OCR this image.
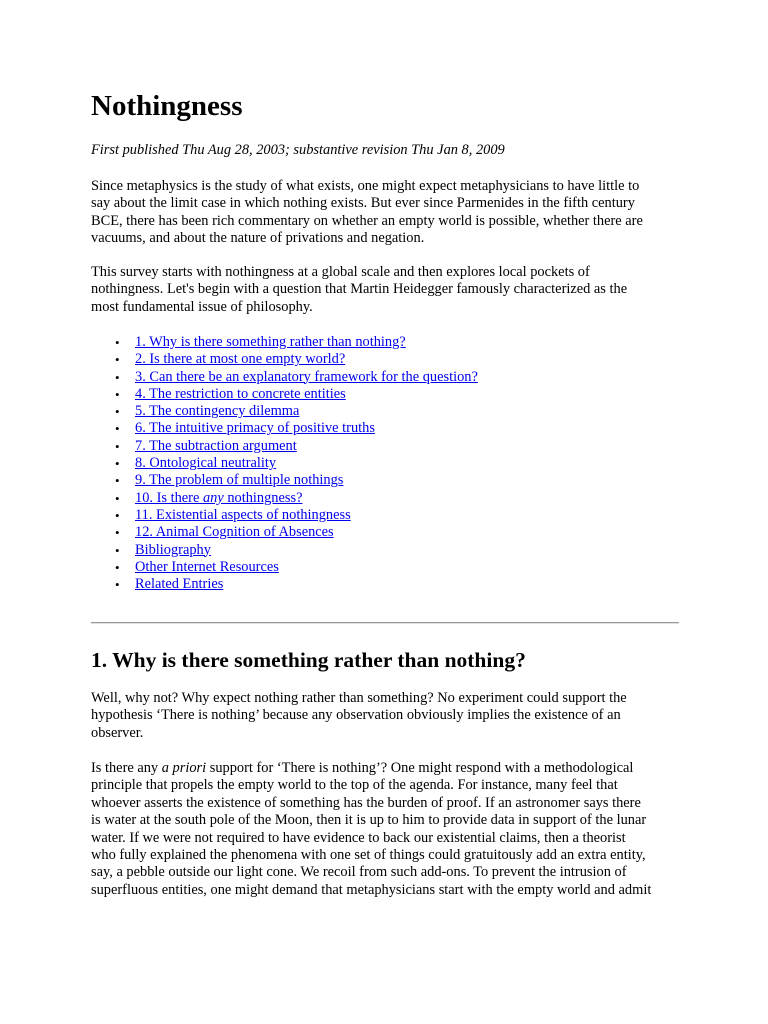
Nothingness

First published Thu Aug 28, 2003; substantive revision Thu Jan 8, 2009

Since metaphysics is the study of what exists, one might expect metaphysicians to have little to
say about the limit case in which nothing exists. But ever since Parmenides in the fifth century
BCE, there has been rich commentary on whether an empty world is possible, whether there are
vacuums, and about the nature of privations and negation.

This survey starts with nothingness at a global scale and then explores local pockets of
nothingness. Let's begin with a question that Martin Heidegger famously characterized as the
most fundamental issue of philosophy.

• 1. Why is there something rather than nothing?
• 2. Is there at most one empty world?
• 3. Can there be an explanatory framework for the question?
• 4. The restriction to concrete entities
• 5. The contingency dilemma
• 6. The intuitive primacy of positive truths
• 7. The subtraction argument
• 8. Ontological neutrality
• 9. The problem of multiple nothings
• 10. Is there any nothingness?
• 11. Existential aspects of nothingness
• 12. Animal Cognition of Absences
• Bibliography
• Other Internet Resources
• Related Entries
1. Why is there something rather than nothing?

Well, why not? Why expect nothing rather than something? No experiment could support the
hypothesis ‘There is nothing’ because any observation obviously implies the existence of an
observer.

Is there any a priori support for ‘There is nothing’? One might respond with a methodological
principle that propels the empty world to the top of the agenda. For instance, many feel that
whoever asserts the existence of something has the burden of proof. If an astronomer says there
is water at the south pole of the Moon, then it is up to him to provide data in support of the lunar
water. If we were not required to have evidence to back our existential claims, then a theorist
who fully explained the phenomena with one set of things could gratuitously add an extra entity,
say, a pebble outside our light cone. We recoil from such add-ons. To prevent the intrusion of
superfluous entities, one might demand that metaphysicians start with the empty world and admit
